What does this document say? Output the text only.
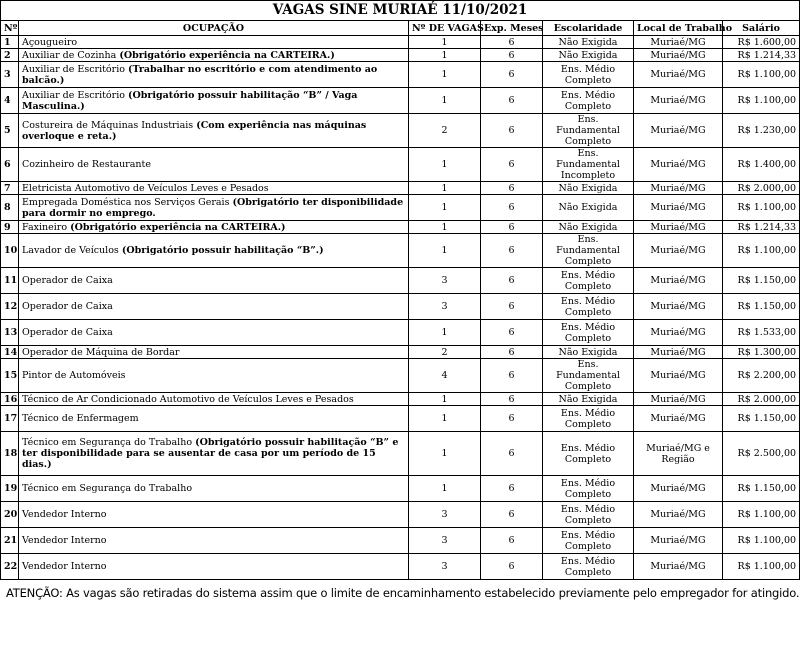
VAGAS SINE MURIAÉ 11/10/2021						
Nº	OCUPAÇÃO	Nº DE VAGAS	Exp. Meses	Escolaridade	Local de Trabalho	Salário
1	Açougueiro	1	6	Não Exigida	Muriaé/MG	R$ 1.600,00
2	Auxiliar de Cozinha (Obrigatório experiência na CARTEIRA.)	1	6	Não Exigida	Muriaé/MG	R$ 1.214,33
3	Auxiliar de Escritório (Trabalhar no escritório e com atendimento ao balcão.)	1	6	Ens. Médio Completo	Muriaé/MG	R$ 1.100,00
4	Auxiliar de Escritório (Obrigatório possuir habilitação “B” / Vaga Masculina.)	1	6	Ens. Médio Completo	Muriaé/MG	R$ 1.100,00
5	Costureira de Máquinas Industriais (Com experiência nas máquinas overloque e reta.)	2	6	Ens. Fundamental Completo	Muriaé/MG	R$ 1.230,00
6	Cozinheiro de Restaurante	1	6	Ens. Fundamental Incompleto	Muriaé/MG	R$ 1.400,00
7	Eletricista Automotivo de Veículos Leves e Pesados	1	6	Não Exigida	Muriaé/MG	R$ 2.000,00
8	Empregada Doméstica nos Serviços Gerais (Obrigatório ter disponibilidade para dormir no emprego.	1	6	Não Exigida	Muriaé/MG	R$ 1.100,00
9	Faxineiro (Obrigatório experiência na CARTEIRA.)	1	6	Não Exigida	Muriaé/MG	R$ 1.214,33
10	Lavador de Veículos (Obrigatório possuir habilitação “B”.)	1	6	Ens. Fundamental Completo	Muriaé/MG	R$ 1.100,00
11	Operador de Caixa	3	6	Ens. Médio Completo	Muriaé/MG	R$ 1.150,00
12	Operador de Caixa	3	6	Ens. Médio Completo	Muriaé/MG	R$ 1.150,00
13	Operador de Caixa	1	6	Ens. Médio Completo	Muriaé/MG	R$ 1.533,00
14	Operador de Máquina de Bordar	2	6	Não Exigida	Muriaé/MG	R$ 1.300,00
15	Pintor de Automóveis	4	6	Ens. Fundamental Completo	Muriaé/MG	R$ 2.200,00
16	Técnico de Ar Condicionado Automotivo de Veículos Leves e Pesados	1	6	Não Exigida	Muriaé/MG	R$ 2.000,00
17	Técnico de Enfermagem	1	6	Ens. Médio Completo	Muriaé/MG	R$ 1.150,00
18	Técnico em Segurança do Trabalho (Obrigatório possuir habilitação “B” e ter disponibilidade para se ausentar de casa por um período de 15 dias.)	1	6	Ens. Médio Completo	Muriaé/MG e Região	R$ 2.500,00
19	Técnico em Segurança do Trabalho	1	6	Ens. Médio Completo	Muriaé/MG	R$ 1.150,00
20	Vendedor Interno	3	6	Ens. Médio Completo	Muriaé/MG	R$ 1.100,00
21	Vendedor Interno	3	6	Ens. Médio Completo	Muriaé/MG	R$ 1.100,00
22	Vendedor Interno	3	6	Ens. Médio Completo	Muriaé/MG	R$ 1.100,00
ATENÇÃO: As vagas são retiradas do sistema assim que o limite de encaminhamento estabelecido previamente pelo empregador for atingido.
